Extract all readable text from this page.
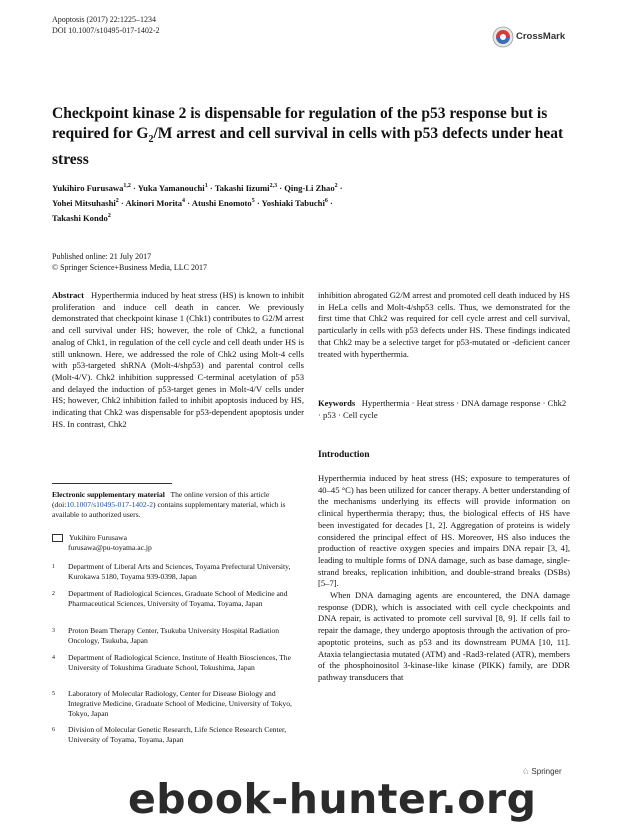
Apoptosis (2017) 22:1225–1234
DOI 10.1007/s10495-017-1402-2
CrossMark
Checkpoint kinase 2 is dispensable for regulation of the p53 response but is required for $G_2/M$ arrest and cell survival in cells with p53 defects under heat stress
Yukihiro Furusawa$^{1,2}$ · Yuka Yamanouchi$^1$ · Takashi Iizumi$^{2,3}$ · Qing-Li Zhao$^2$ ·
Yohei Mitsuhashi$^2$ · Akinori Morita$^4$ · Atushi Enomoto$^5$ · Yoshiaki Tabuchi$^6$ ·
Takashi Kondo$^2$
Published online: 21 July 2017
© Springer Science+Business Media, LLC 2017
Abstract Hyperthermia induced by heat stress (HS) is known to inhibit proliferation and induce cell death in cancer. We previously demonstrated that checkpoint kinase 1 (Chk1) contributes to G2/M arrest and cell survival under HS; however, the role of Chk2, a functional analog of Chk1, in regulation of the cell cycle and cell death under HS is still unknown. Here, we addressed the role of Chk2 using Molt-4 cells with p53-targeted shRNA (Molt-4/shp53) and parental control cells (Molt-4/V). Chk2 inhibition suppressed C-terminal acetylation of p53 and delayed the induction of p53-target genes in Molt-4/V cells under HS; however, Chk2 inhibition failed to inhibit apoptosis induced by HS, indicating that Chk2 was dispensable for p53-dependent apoptosis under HS. In contrast, Chk2
inhibition abrogated G2/M arrest and promoted cell death induced by HS in HeLa cells and Molt-4/shp53 cells. Thus, we demonstrated for the first time that Chk2 was required for cell cycle arrest and cell survival, particularly in cells with p53 defects under HS. These findings indicated that Chk2 may be a selective target for p53-mutated or -deficient cancer treated with hyperthermia.
Keywords Hyperthermia · Heat stress · DNA damage response · Chk2 · p53 · Cell cycle
Electronic supplementary material The online version of this article (doi:10.1007/s10495-017-1402-2) contains supplementary material, which is available to authorized users.
Yukihiro Furusawa
furusawa@pu-toyama.ac.jp
1 Department of Liberal Arts and Sciences, Toyama Prefectural University, Kurokawa 5180, Toyama 939-0398, Japan
2 Department of Radiological Sciences, Graduate School of Medicine and Pharmaceutical Sciences, University of Toyama, Toyama, Japan
3 Proton Beam Therapy Center, Tsukuba University Hospital Radiation Oncology, Tsukuba, Japan
4 Department of Radiological Science, Institute of Health Biosciences, The University of Tokushima Graduate School, Tokushima, Japan
5 Laboratory of Molecular Radiology, Center for Disease Biology and Integrative Medicine, Graduate School of Medicine, University of Tokyo, Tokyo, Japan
6 Division of Molecular Genetic Research, Life Science Research Center, University of Toyama, Toyama, Japan
Introduction
Hyperthermia induced by heat stress (HS; exposure to temperatures of 40–45 °C) has been utilized for cancer therapy. A better understanding of the mechanisms underlying its effects will provide information on clinical hyperthermia therapy; thus, the biological effects of HS have been investigated for decades [1, 2]. Aggregation of proteins is widely considered the principal effect of HS. Moreover, HS also induces the production of reactive oxygen species and impairs DNA repair [3, 4], leading to multiple forms of DNA damage, such as base damage, single-strand breaks, replication inhibition, and double-strand breaks (DSBs) [5–7].
When DNA damaging agents are encountered, the DNA damage response (DDR), which is associated with cell cycle checkpoints and DNA repair, is activated to promote cell survival [8, 9]. If cells fail to repair the damage, they undergo apoptosis through the activation of pro-apoptotic proteins, such as p53 and its downstream PUMA [10, 11]. Ataxia telangiectasia mutated (ATM) and -Rad3-related (ATR), members of the phosphoinositol 3-kinase-like kinase (PIKK) family, are DDR pathway transducers that
♘ Springer
ebook-hunter.org
